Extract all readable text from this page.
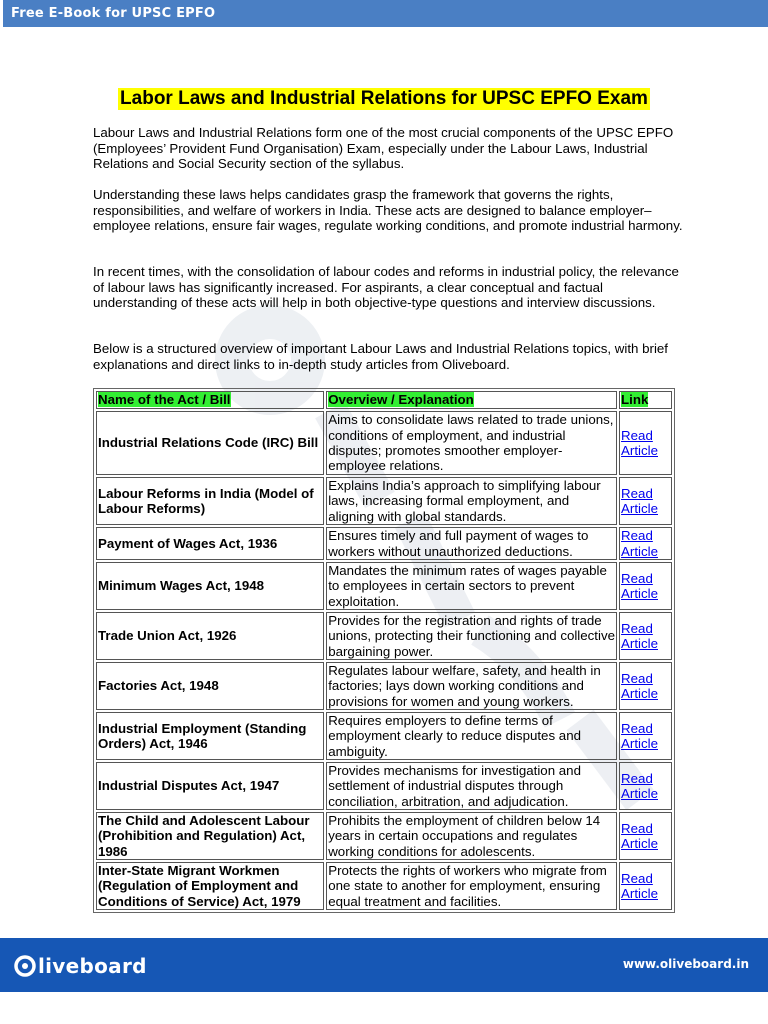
Free E-Book for UPSC EPFO
Labor Laws and Industrial Relations for UPSC EPFO Exam

Labour Laws and Industrial Relations form one of the most crucial components of the UPSC EPFO (Employees’ Provident Fund Organisation) Exam, especially under the Labour Laws, Industrial Relations and Social Security section of the syllabus.

Understanding these laws helps candidates grasp the framework that governs the rights, responsibilities, and welfare of workers in India. These acts are designed to balance employer–employee relations, ensure fair wages, regulate working conditions, and promote industrial harmony.

In recent times, with the consolidation of labour codes and reforms in industrial policy, the relevance of labour laws has significantly increased. For aspirants, a clear conceptual and factual understanding of these acts will help in both objective-type questions and interview discussions.

Below is a structured overview of important Labour Laws and Industrial Relations topics, with brief explanations and direct links to in-depth study articles from Oliveboard.

Name of the Act / Bill	Overview / Explanation	Link
Industrial Relations Code (IRC) Bill	Aims to consolidate laws related to trade unions, conditions of employment, and industrial disputes; promotes smoother employer-employee relations.	Read Article
Labour Reforms in India (Model of Labour Reforms)	Explains India’s approach to simplifying labour laws, increasing formal employment, and aligning with global standards.	Read Article
Payment of Wages Act, 1936	Ensures timely and full payment of wages to workers without unauthorized deductions.	Read Article
Minimum Wages Act, 1948	Mandates the minimum rates of wages payable to employees in certain sectors to prevent exploitation.	Read Article
Trade Union Act, 1926	Provides for the registration and rights of trade unions, protecting their functioning and collective bargaining power.	Read Article
Factories Act, 1948	Regulates labour welfare, safety, and health in factories; lays down working conditions and provisions for women and young workers.	Read Article
Industrial Employment (Standing Orders) Act, 1946	Requires employers to define terms of employment clearly to reduce disputes and ambiguity.	Read Article
Industrial Disputes Act, 1947	Provides mechanisms for investigation and settlement of industrial disputes through conciliation, arbitration, and adjudication.	Read Article
The Child and Adolescent Labour (Prohibition and Regulation) Act, 1986	Prohibits the employment of children below 14 years in certain occupations and regulates working conditions for adolescents.	Read Article
Inter-State Migrant Workmen (Regulation of Employment and Conditions of Service) Act, 1979	Protects the rights of workers who migrate from one state to another for employment, ensuring equal treatment and facilities.	Read Article
liveboard	www.oliveboard.in
